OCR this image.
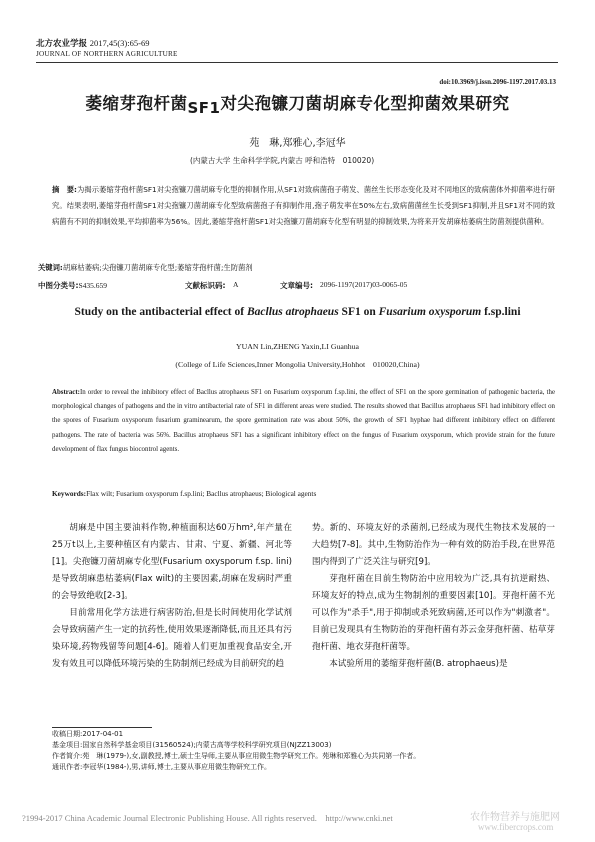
北方农业学报 2017,45(3):65-69
JOURNAL OF NORTHERN AGRICULTURE
doi:10.3969/j.issn.2096-1197.2017.03.13
萎缩芽孢杆菌SF1对尖孢镰刀菌胡麻专化型抑菌效果研究
苑　琳,郑雅心,李冠华
(内蒙古大学 生命科学学院,内蒙古 呼和浩特　010020)
摘　要:为揭示萎缩芽孢杆菌SF1对尖孢镰刀菌胡麻专化型的抑制作用,从SF1对致病菌孢子萌发、菌丝生长形态变化及对不同地区的致病菌体外抑菌率进行研究。结果表明,萎缩芽孢杆菌SF1对尖孢镰刀菌胡麻专化型致病菌孢子有抑制作用,孢子萌发率在50%左右,致病菌菌丝生长受到SF1抑制,并且SF1对不同的致病菌有不同的抑制效果,平均抑菌率为56%。因此,萎缩芽孢杆菌SF1对尖孢镰刀菌胡麻专化型有明显的抑制效果,为将来开发胡麻枯萎病生防菌剂提供菌种。
关键词:胡麻枯萎病;尖孢镰刀菌胡麻专化型;萎缩芽孢杆菌;生防菌剂
中图分类号:S435.659	文献标识码: A	文章编号: 2096-1197(2017)03-0065-05
Study on the antibacterial effect of Bacllus atrophaeus SF1 on Fusarium oxysporum f.sp.lini
YUAN Lin,ZHENG Yaxin,LI Guanhua
(College of Life Sciences,Inner Mongolia University,Hohhot　010020,China)
Abstract:In order to reveal the inhibitory effect of Bacllus atrophaeus SF1 on Fusarium oxysporum f.sp.lini, the effect of SF1 on the spore germination of pathogenic bacteria, the morphological changes of pathogens and the in vitro antibacterial rate of SF1 in different areas were studied. The results showed that Bacillus atrophaeus SF1 had inhibitory effect on the spores of Fusarium oxysporum fusarium graminearum, the spore germination rate was about 50%, the growth of SF1 hyphae had different inhibitory effect on different pathogens. The rate of bacteria was 56%. Bacillus atrophaeus SF1 has a significant inhibitory effect on the fungus of Fusarium oxysporum, which provide strain for the future development of flax fungus biocontrol agents.
Keywords:Flax wilt; Fusarium oxysporum f.sp.lini; Bacllus atrophaeus; Biological agents

胡麻是中国主要油料作物,种植面积达60万hm²,年产量在25万t以上,主要种植区有内蒙古、甘肃、宁夏、新疆、河北等[1]。尖孢镰刀菌胡麻专化型(Fusarium oxysporum f.sp. lini)是导致胡麻患枯萎病(Flax wilt)的主要因素,胡麻在发病时严重的会导致绝收[2-3]。

目前常用化学方法进行病害防治,但是长时间使用化学试剂会导致病菌产生一定的抗药性,使用效果逐渐降低,而且还具有污染环境,药物残留等问题[4-6]。随着人们更加重视食品安全,开发有效且可以降低环境污染的生防制剂已经成为目前研究的趋

势。新的、环境友好的杀菌剂,已经成为现代生物技术发展的一大趋势[7-8]。其中,生物防治作为一种有效的防治手段,在世界范围内得到了广泛关注与研究[9]。

芽孢杆菌在目前生物防治中应用较为广泛,具有抗逆耐热、环境友好的特点,成为生物制剂的重要因素[10]。芽孢杆菌不光可以作为"杀手",用于抑制或杀死致病菌,还可以作为"刺激者"。目前已发现具有生物防治的芽孢杆菌有苏云金芽孢杆菌、枯草芽孢杆菌、地衣芽孢杆菌等。

本试验所用的萎缩芽孢杆菌(B. atrophaeus)是

收稿日期:2017-04-01
基金项目:国家自然科学基金项目(31560524);内蒙古高等学校科学研究项目(NJZZ13003)
作者简介:苑　琳(1979-),女,副教授,博士,硕士生导师,主要从事应用微生物学研究工作。苑琳和郑雅心为共同第一作者。
通讯作者:李冠华(1984-),男,讲师,博士,主要从事应用微生物研究工作。
?1994-2017 China Academic Journal Electronic Publishing House. All rights reserved.　http://www.cnki.net	农作物营养与施肥网
www.fibercrops.com
